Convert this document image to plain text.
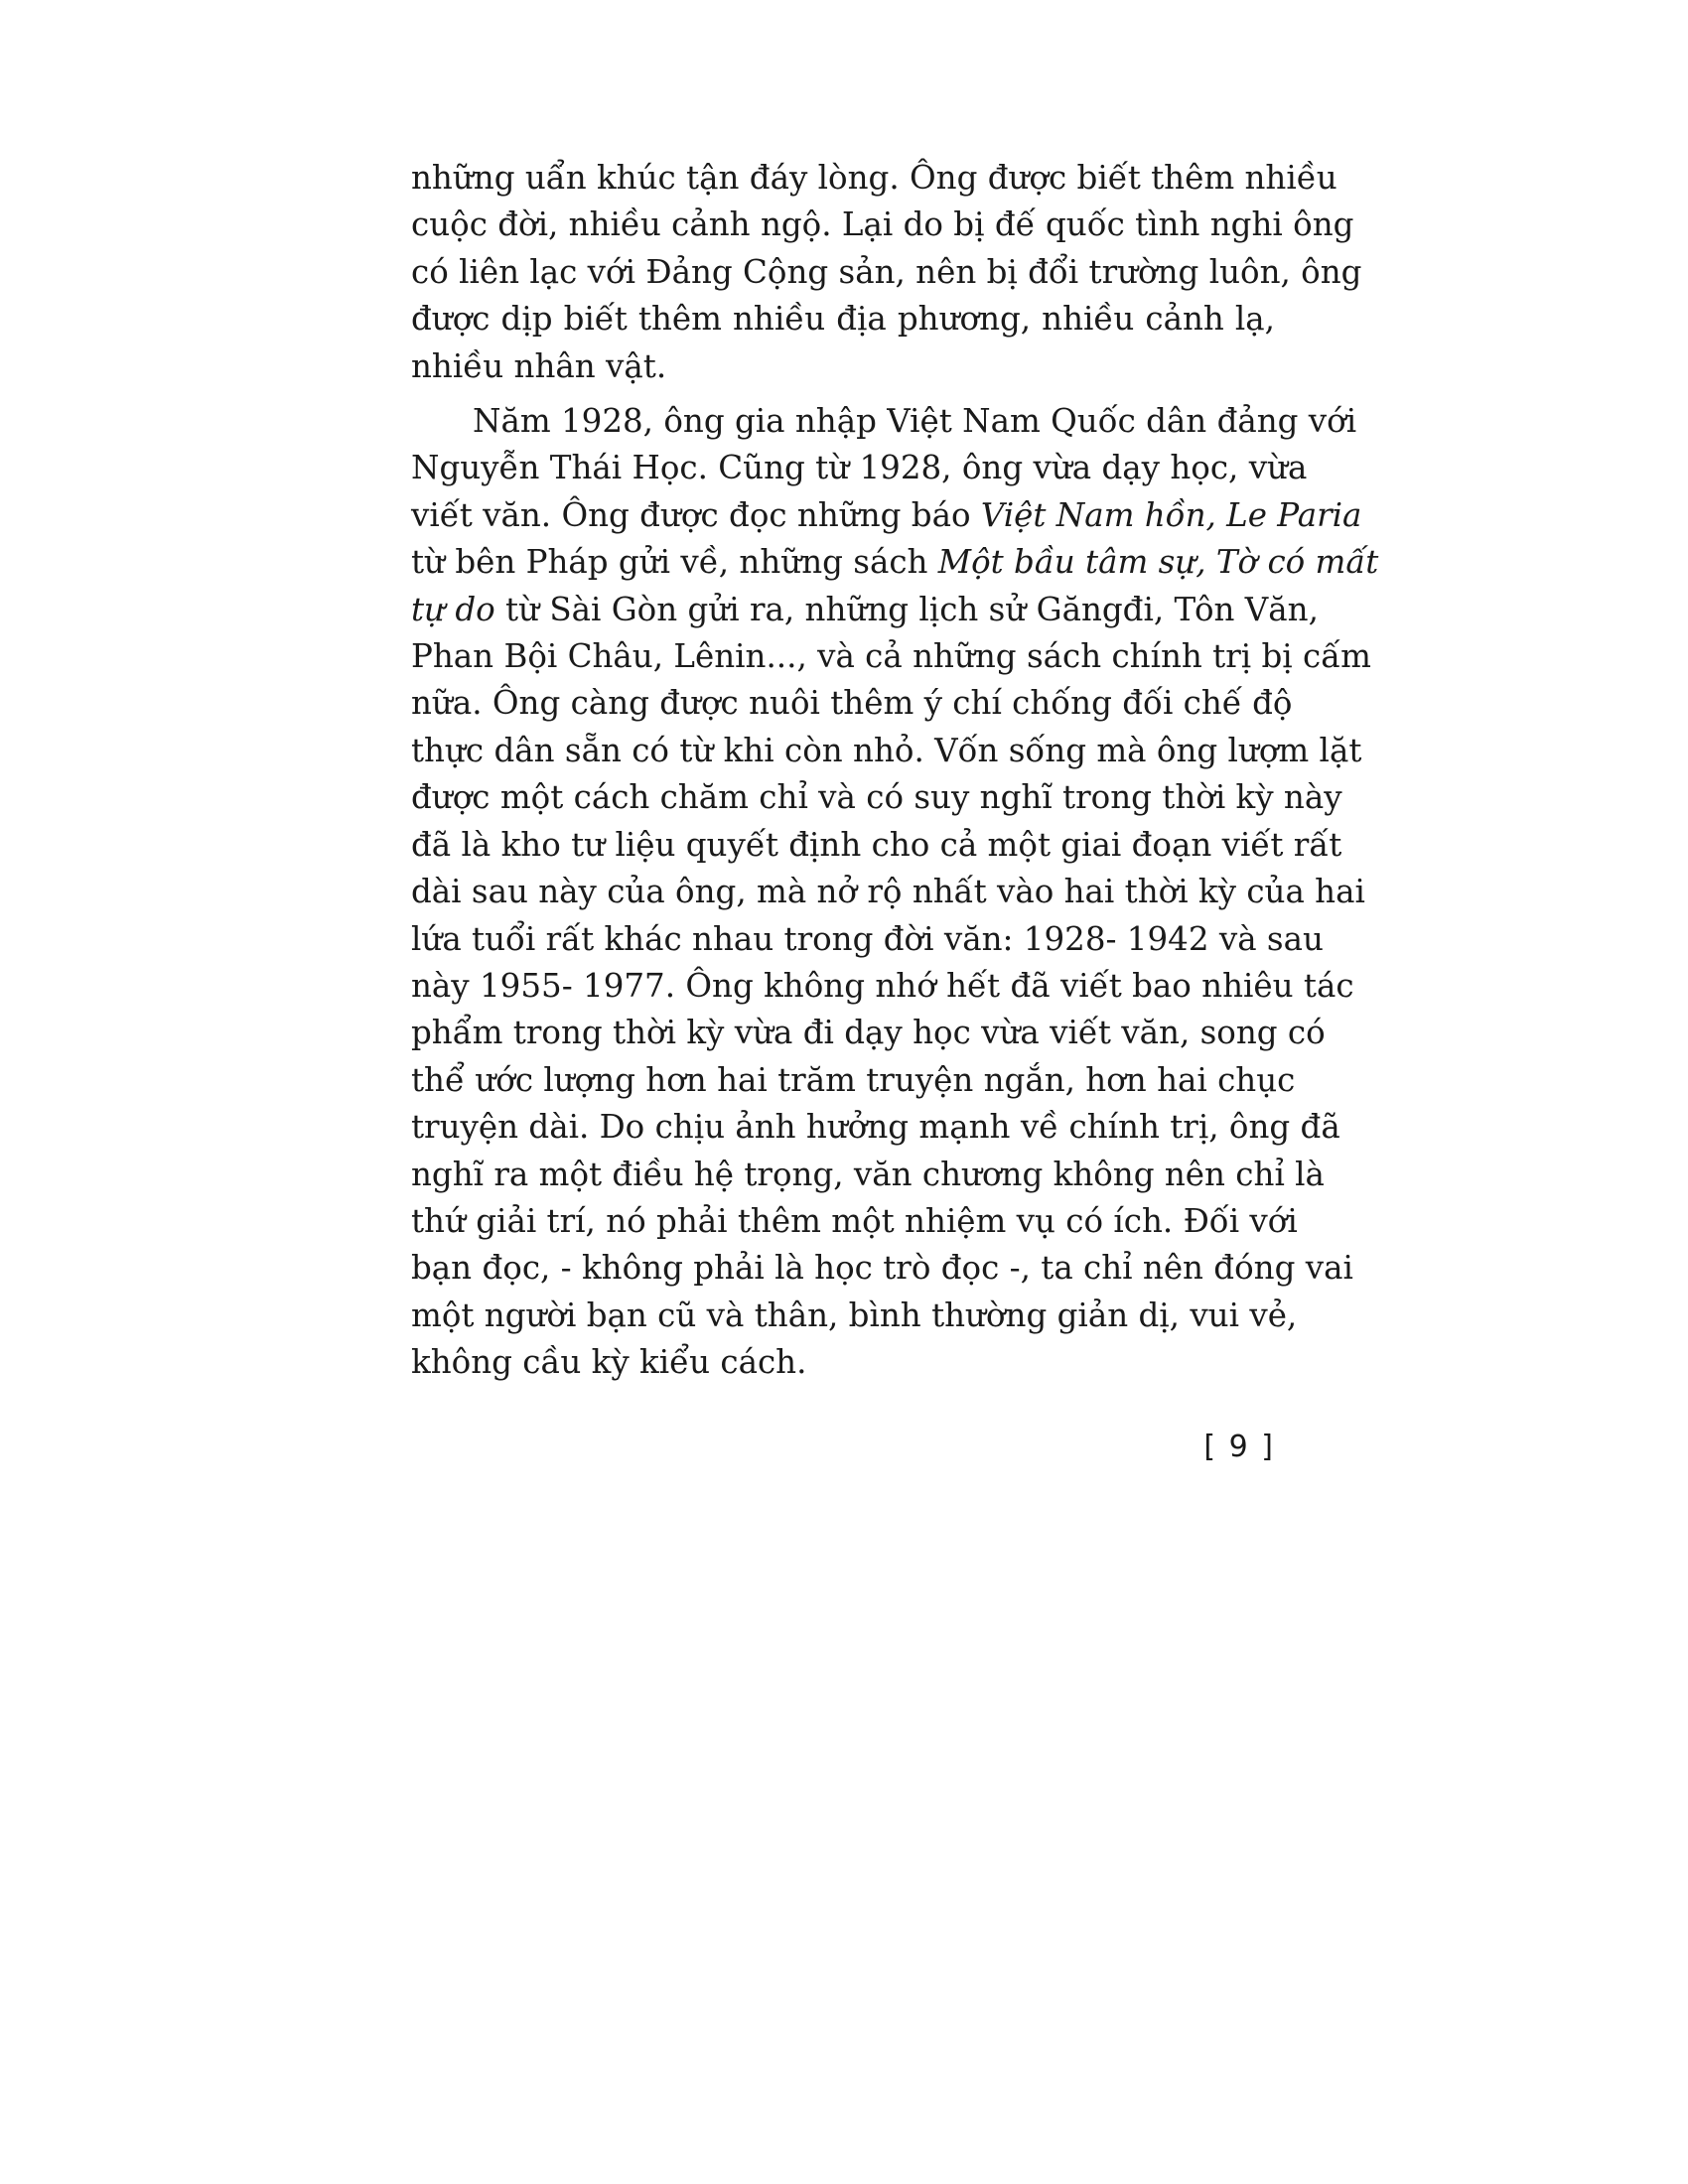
những uẩn khúc tận đáy lòng. Ông được biết thêm nhiều
cuộc đời, nhiều cảnh ngộ. Lại do bị đế quốc tình nghi ông
có liên lạc với Đảng Cộng sản, nên bị đổi trường luôn, ông
được dịp biết thêm nhiều địa phương, nhiều cảnh lạ,
nhiều nhân vật.
Năm 1928, ông gia nhập Việt Nam Quốc dân đảng với
Nguyễn Thái Học. Cũng từ 1928, ông vừa dạy học, vừa
viết văn. Ông được đọc những báo Việt Nam hồn, Le Paria
từ bên Pháp gửi về, những sách Một bầu tâm sự, Tờ có mất
tự do từ Sài Gòn gửi ra, những lịch sử Găngđi, Tôn Văn,
Phan Bội Châu, Lênin..., và cả những sách chính trị bị cấm
nữa. Ông càng được nuôi thêm ý chí chống đối chế độ
thực dân sẵn có từ khi còn nhỏ. Vốn sống mà ông lượm lặt
được một cách chăm chỉ và có suy nghĩ trong thời kỳ này
đã là kho tư liệu quyết định cho cả một giai đoạn viết rất
dài sau này của ông, mà nở rộ nhất vào hai thời kỳ của hai
lứa tuổi rất khác nhau trong đời văn: 1928- 1942 và sau
này 1955- 1977. Ông không nhớ hết đã viết bao nhiêu tác
phẩm trong thời kỳ vừa đi dạy học vừa viết văn, song có
thể ước lượng hơn hai trăm truyện ngắn, hơn hai chục
truyện dài. Do chịu ảnh hưởng mạnh về chính trị, ông đã
nghĩ ra một điều hệ trọng, văn chương không nên chỉ là
thứ giải trí, nó phải thêm một nhiệm vụ có ích. Đối với
bạn đọc, - không phải là học trò đọc -, ta chỉ nên đóng vai
một người bạn cũ và thân, bình thường giản dị, vui vẻ,
không cầu kỳ kiểu cách.
[ 9 ]
